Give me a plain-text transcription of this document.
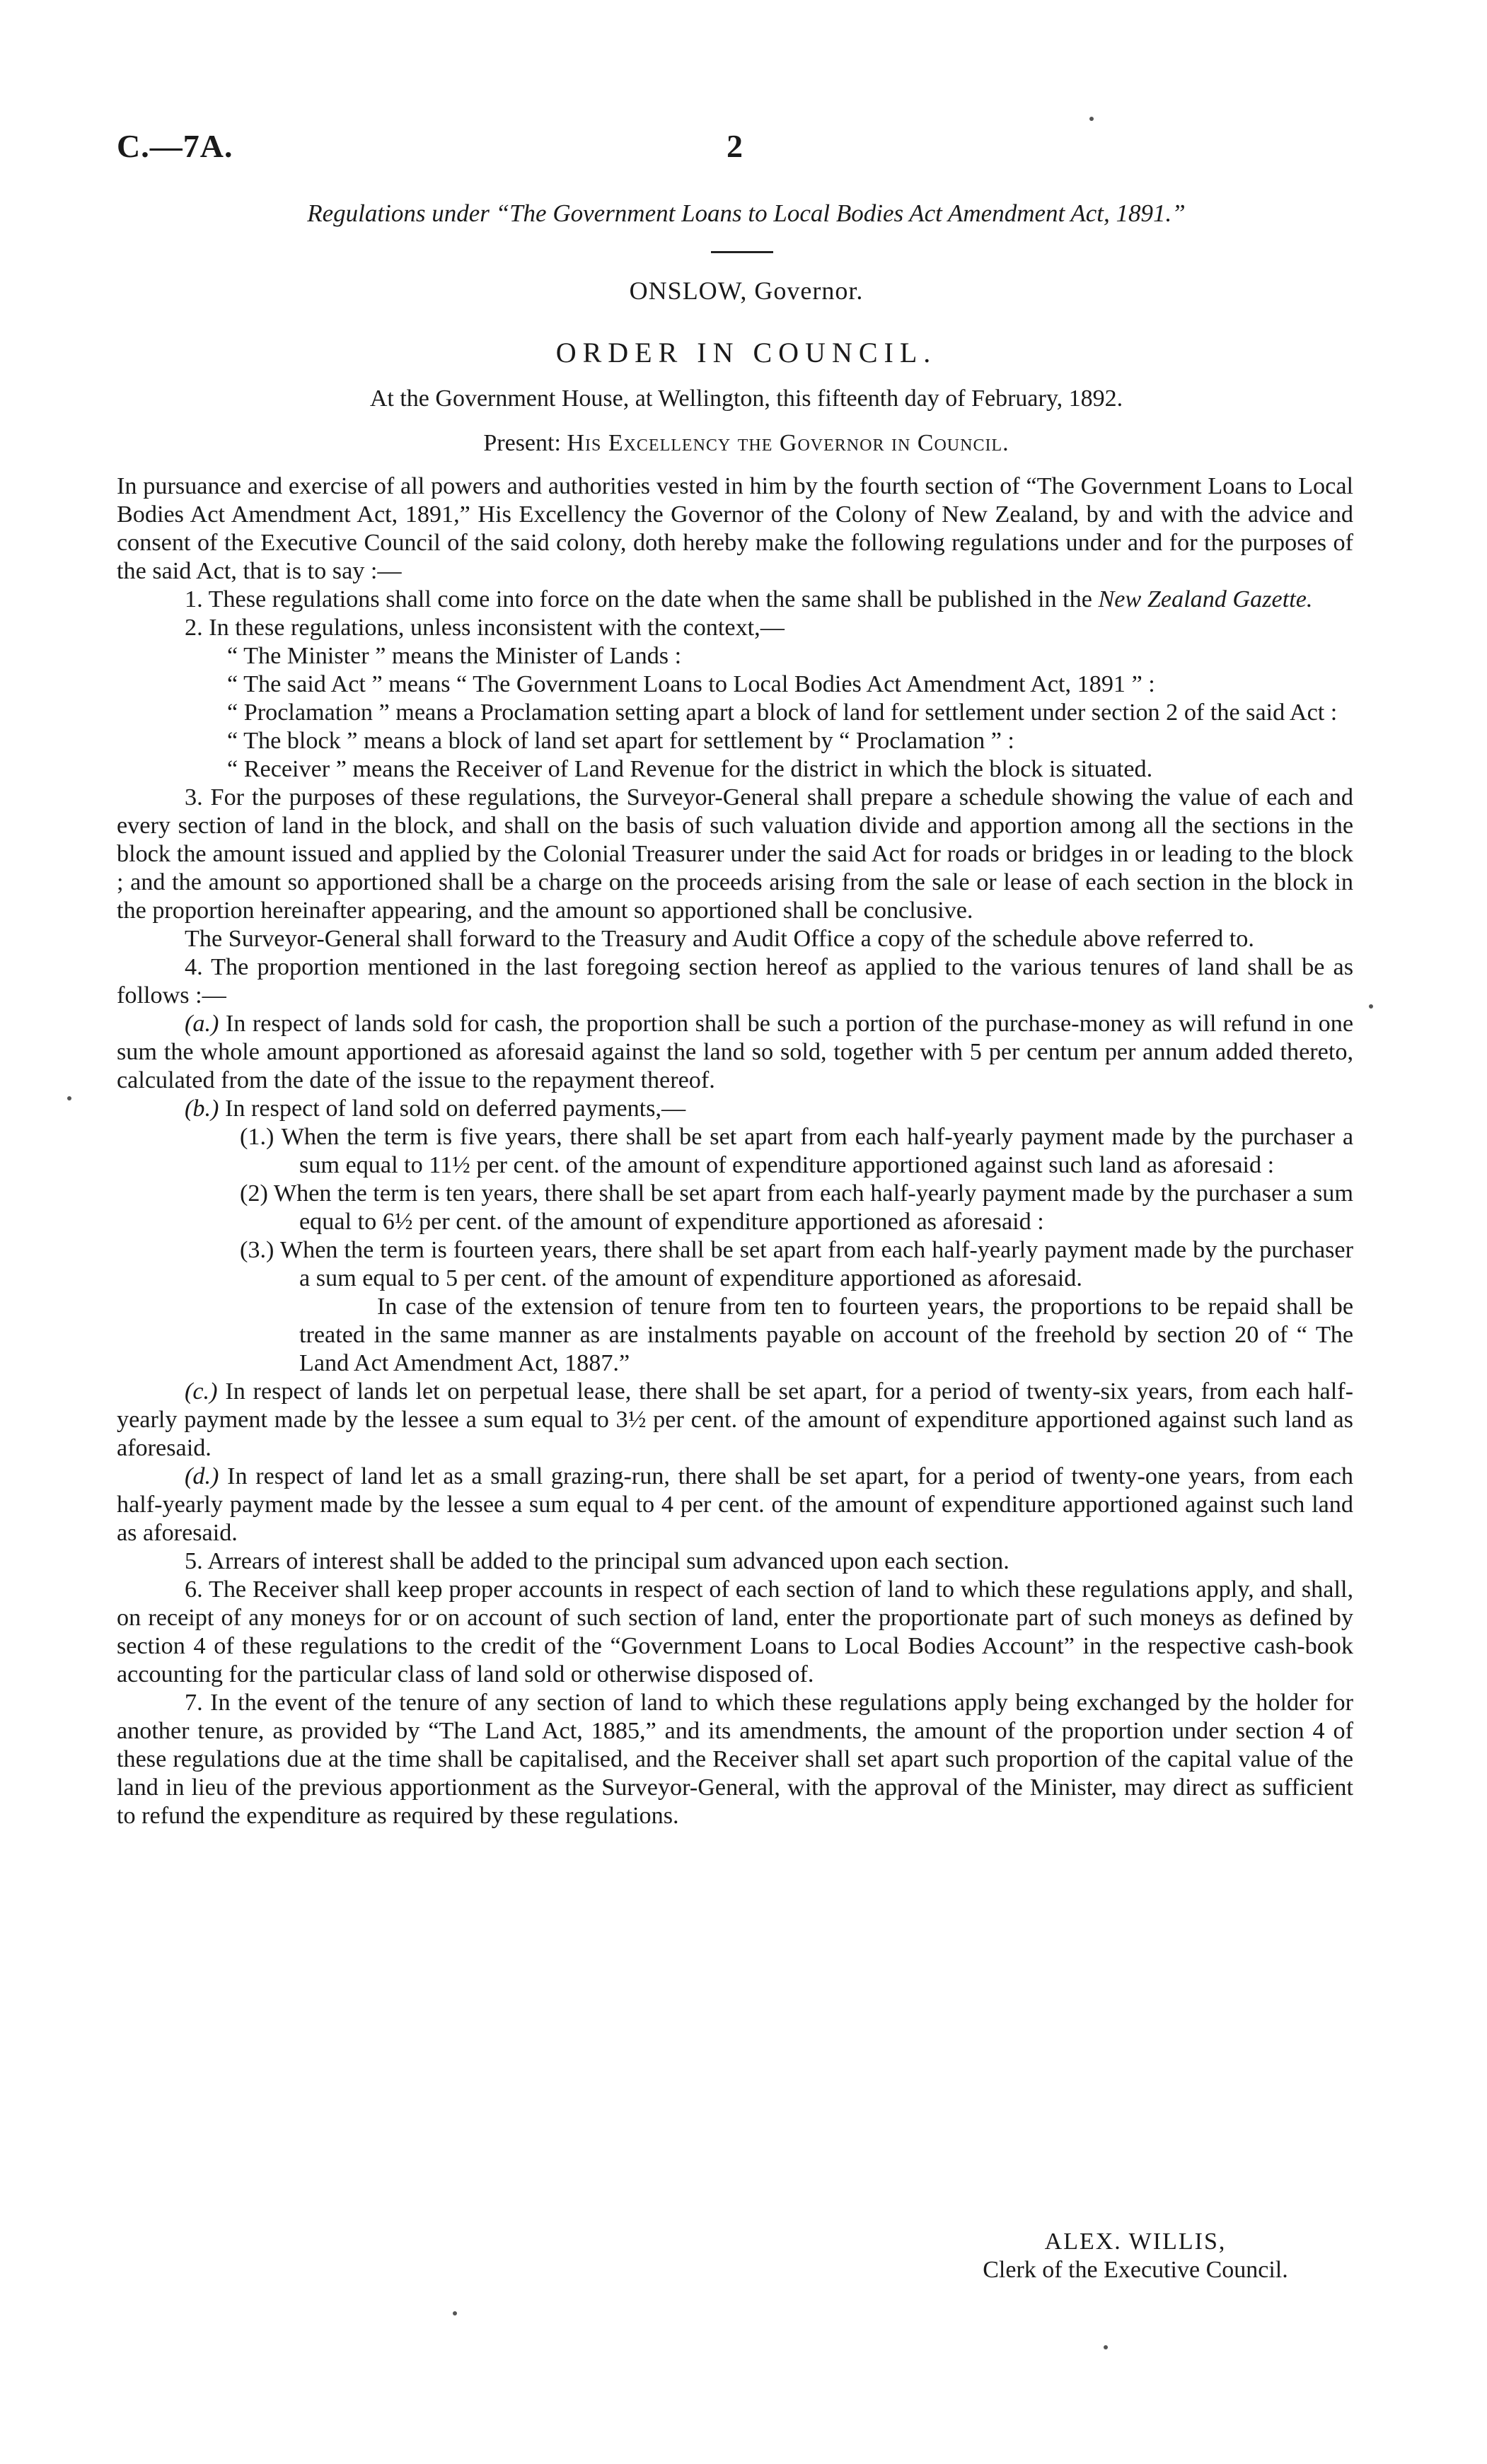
C.—7A.	2
Regulations under “The Government Loans to Local Bodies Act Amendment Act, 1891.”
ONSLOW, Governor.
ORDER IN COUNCIL.
At the Government House, at Wellington, this fifteenth day of February, 1892.
Present: His Excellency the Governor in Council.

In pursuance and exercise of all powers and authorities vested in him by the fourth section of “The Government Loans to Local Bodies Act Amendment Act, 1891,” His Excellency the Governor of the Colony of New Zealand, by and with the advice and consent of the Executive Council of the said colony, doth hereby make the following regulations under and for the purposes of the said Act, that is to say :—

1. These regulations shall come into force on the date when the same shall be published in the New Zealand Gazette.

2. In these regulations, unless inconsistent with the context,—

“ The Minister ” means the Minister of Lands :

“ The said Act ” means “ The Government Loans to Local Bodies Act Amendment Act, 1891 ” :

“ Proclamation ” means a Proclamation setting apart a block of land for settlement under section 2 of the said Act :

“ The block ” means a block of land set apart for settlement by “ Proclamation ” :

“ Receiver ” means the Receiver of Land Revenue for the district in which the block is situated.

3. For the purposes of these regulations, the Surveyor-General shall prepare a schedule showing the value of each and every section of land in the block, and shall on the basis of such valuation divide and apportion among all the sections in the block the amount issued and applied by the Colonial Treasurer under the said Act for roads or bridges in or leading to the block ; and the amount so apportioned shall be a charge on the proceeds arising from the sale or lease of each section in the block in the proportion hereinafter appearing, and the amount so apportioned shall be conclusive.

The Surveyor-General shall forward to the Treasury and Audit Office a copy of the schedule above referred to.

4. The proportion mentioned in the last foregoing section hereof as applied to the various tenures of land shall be as follows :—

(a.) In respect of lands sold for cash, the proportion shall be such a portion of the purchase-money as will refund in one sum the whole amount apportioned as aforesaid against the land so sold, together with 5 per centum per annum added thereto, calculated from the date of the issue to the repayment thereof.

(b.) In respect of land sold on deferred payments,—

(1.) When the term is five years, there shall be set apart from each half-yearly payment made by the purchaser a sum equal to 11½ per cent. of the amount of expenditure apportioned against such land as aforesaid :

(2) When the term is ten years, there shall be set apart from each half-yearly payment made by the purchaser a sum equal to 6½ per cent. of the amount of expenditure apportioned as aforesaid :

(3.) When the term is fourteen years, there shall be set apart from each half-yearly payment made by the purchaser a sum equal to 5 per cent. of the amount of expenditure apportioned as aforesaid.

In case of the extension of tenure from ten to fourteen years, the proportions to be repaid shall be treated in the same manner as are instalments payable on account of the freehold by section 20 of “ The Land Act Amendment Act, 1887.”

(c.) In respect of lands let on perpetual lease, there shall be set apart, for a period of twenty-six years, from each half-yearly payment made by the lessee a sum equal to 3½ per cent. of the amount of expenditure apportioned against such land as aforesaid.

(d.) In respect of land let as a small grazing-run, there shall be set apart, for a period of twenty-one years, from each half-yearly payment made by the lessee a sum equal to 4 per cent. of the amount of expenditure apportioned against such land as aforesaid.

5. Arrears of interest shall be added to the principal sum advanced upon each section.

6. The Receiver shall keep proper accounts in respect of each section of land to which these regulations apply, and shall, on receipt of any moneys for or on account of such section of land, enter the proportionate part of such moneys as defined by section 4 of these regulations to the credit of the “Government Loans to Local Bodies Account” in the respective cash-book accounting for the particular class of land sold or otherwise disposed of.

7. In the event of the tenure of any section of land to which these regulations apply being exchanged by the holder for another tenure, as provided by “The Land Act, 1885,” and its amendments, the amount of the proportion under section 4 of these regulations due at the time shall be capitalised, and the Receiver shall set apart such proportion of the capital value of the land in lieu of the previous apportionment as the Surveyor-General, with the approval of the Minister, may direct as sufficient to refund the expenditure as required by these regulations.

ALEX. WILLIS,
Clerk of the Executive Council.
